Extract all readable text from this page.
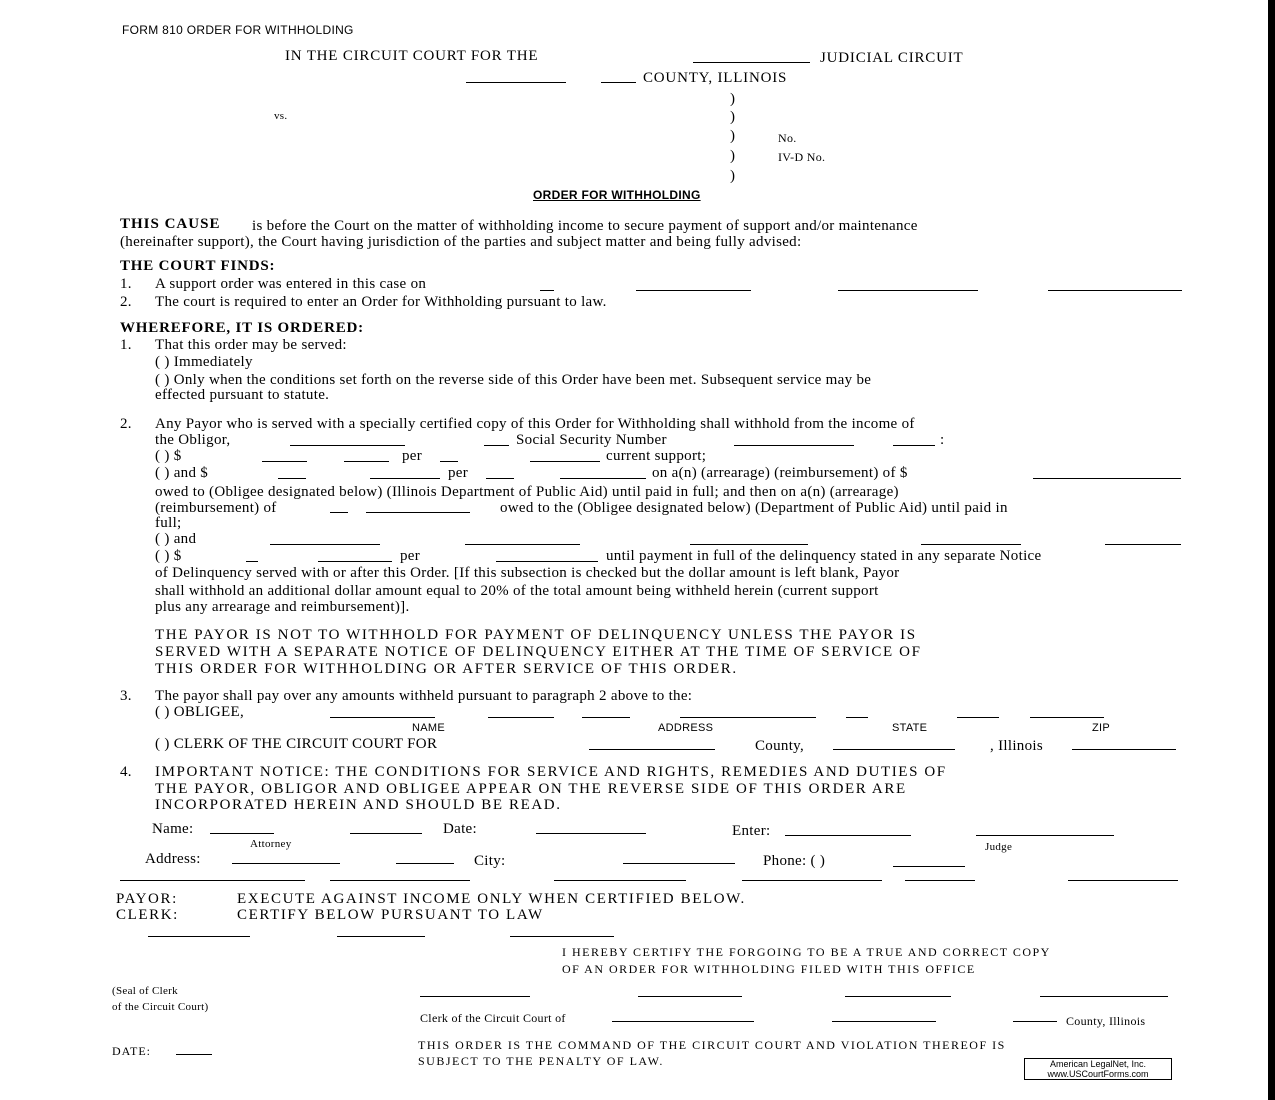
FORM 810 ORDER FOR WITHHOLDING
IN THE CIRCUIT COURT FOR THE	JUDICIAL CIRCUIT
COUNTY, ILLINOIS
)
)
)
)
)
vs.
No.
IV-D No.
ORDER FOR WITHHOLDING
THIS CAUSE is before the Court on the matter of withholding income to secure payment of support and/or maintenance
(hereinafter support), the Court having jurisdiction of the parties and subject matter and being fully advised:
THE COURT FINDS:
1. A support order was entered in this case on
2. The court is required to enter an Order for Withholding pursuant to law.
WHEREFORE, IT IS ORDERED:
1. That this order may be served:
( ) Immediately
( ) Only when the conditions set forth on the reverse side of this Order have been met. Subsequent service may be
effected pursuant to statute.
2. Any Payor who is served with a specially certified copy of this Order for Withholding shall withhold from the income of
the Obligor,	Social Security Number	:
( ) $	per	current support;
( ) and $	per	on a(n) (arrearage) (reimbursement) of $
owed to (Obligee designated below) (Illinois Department of Public Aid) until paid in full; and then on a(n) (arrearage)
(reimbursement) of	owed to the (Obligee designated below) (Department of Public Aid) until paid in
full;
( ) and
( ) $	per	until payment in full of the delinquency stated in any separate Notice
of Delinquency served with or after this Order. [If this subsection is checked but the dollar amount is left blank, Payor
shall withhold an additional dollar amount equal to 20% of the total amount being withheld herein (current support
plus any arrearage and reimbursement)].
THE PAYOR IS NOT TO WITHHOLD FOR PAYMENT OF DELINQUENCY UNLESS THE PAYOR IS
SERVED WITH A SEPARATE NOTICE OF DELINQUENCY EITHER AT THE TIME OF SERVICE OF
THIS ORDER FOR WITHHOLDING OR AFTER SERVICE OF THIS ORDER.
3. The payor shall pay over any amounts withheld pursuant to paragraph 2 above to the:
( ) OBLIGEE,
NAME	ADDRESS	STATE	ZIP
( ) CLERK OF THE CIRCUIT COURT FOR	County,	, Illinois
4. IMPORTANT NOTICE: THE CONDITIONS FOR SERVICE AND RIGHTS, REMEDIES AND DUTIES OF
THE PAYOR, OBLIGOR AND OBLIGEE APPEAR ON THE REVERSE SIDE OF THIS ORDER ARE
INCORPORATED HEREIN AND SHOULD BE READ.
Name:
Attorney
Date:	Enter:
Judge
Address:	City:	Phone: ( )
PAYOR:	EXECUTE AGAINST INCOME ONLY WHEN CERTIFIED BELOW.
CLERK:	CERTIFY BELOW PURSUANT TO LAW
I HEREBY CERTIFY THE FORGOING TO BE A TRUE AND CORRECT COPY
OF AN ORDER FOR WITHHOLDING FILED WITH THIS OFFICE
(Seal of Clerk
of the Circuit Court)
Clerk of the Circuit Court of	County, Illinois
DATE:	THIS ORDER IS THE COMMAND OF THE CIRCUIT COURT AND VIOLATION THEREOF IS
SUBJECT TO THE PENALTY OF LAW.	American LegalNet, Inc.
www.USCourtForms.com
